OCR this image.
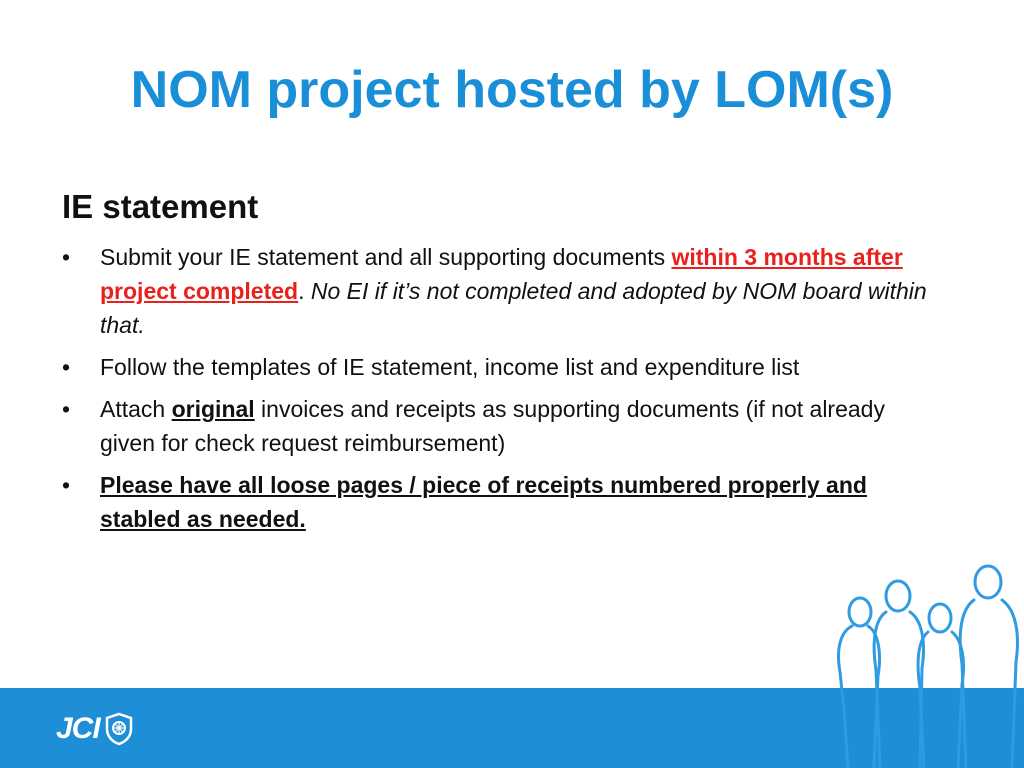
NOM project hosted by LOM(s)
IE statement
• Submit your IE statement and all supporting documents within 3 months after project completed. No EI if it’s not completed and adopted by NOM board within that.
• Follow the templates of IE statement, income list and expenditure list
• Attach original invoices and receipts as supporting documents (if not already given for check request reimbursement)
• Please have all loose pages / piece of receipts numbered properly and stabled as needed.
JCI
